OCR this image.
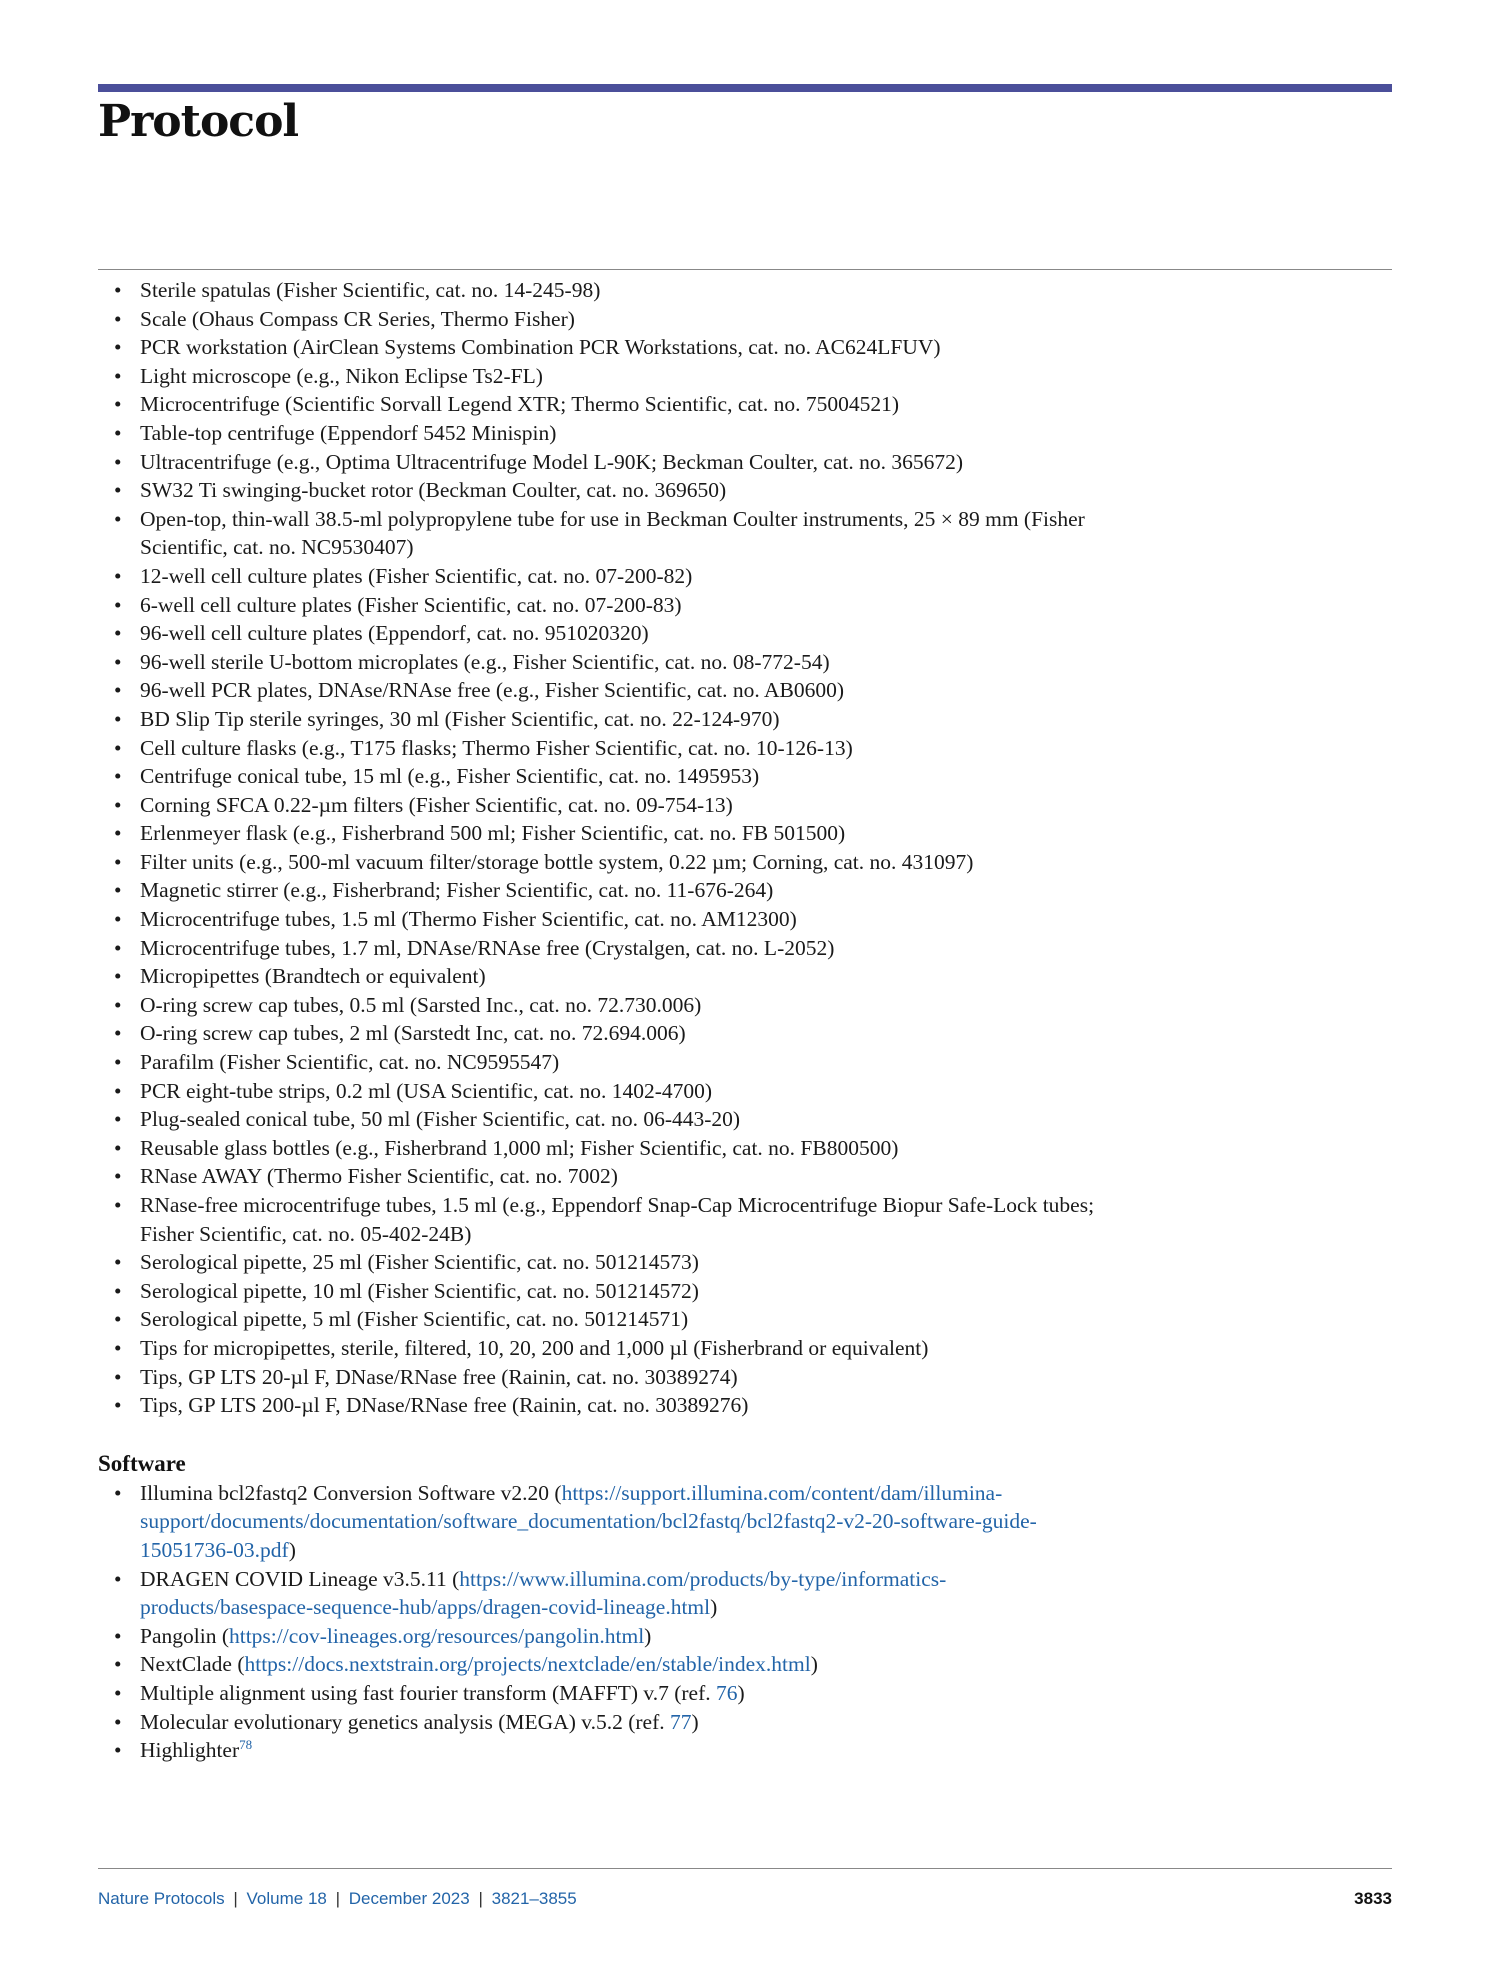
Protocol
• Sterile spatulas (Fisher Scientific, cat. no. 14-245-98)
• Scale (Ohaus Compass CR Series, Thermo Fisher)
• PCR workstation (AirClean Systems Combination PCR Workstations, cat. no. AC624LFUV)
• Light microscope (e.g., Nikon Eclipse Ts2-FL)
• Microcentrifuge (Scientific Sorvall Legend XTR; Thermo Scientific, cat. no. 75004521)
• Table-top centrifuge (Eppendorf 5452 Minispin)
• Ultracentrifuge (e.g., Optima Ultracentrifuge Model L-90K; Beckman Coulter, cat. no. 365672)
• SW32 Ti swinging-bucket rotor (Beckman Coulter, cat. no. 369650)
• Open-top, thin-wall 38.5-ml polypropylene tube for use in Beckman Coulter instruments, 25 × 89 mm (Fisher Scientific, cat. no. NC9530407)
• 12-well cell culture plates (Fisher Scientific, cat. no. 07-200-82)
• 6-well cell culture plates (Fisher Scientific, cat. no. 07-200-83)
• 96-well cell culture plates (Eppendorf, cat. no. 951020320)
• 96-well sterile U-bottom microplates (e.g., Fisher Scientific, cat. no. 08-772-54)
• 96-well PCR plates, DNAse/RNAse free (e.g., Fisher Scientific, cat. no. AB0600)
• BD Slip Tip sterile syringes, 30 ml (Fisher Scientific, cat. no. 22-124-970)
• Cell culture flasks (e.g., T175 flasks; Thermo Fisher Scientific, cat. no. 10-126-13)
• Centrifuge conical tube, 15 ml (e.g., Fisher Scientific, cat. no. 1495953)
• Corning SFCA 0.22-µm filters (Fisher Scientific, cat. no. 09-754-13)
• Erlenmeyer flask (e.g., Fisherbrand 500 ml; Fisher Scientific, cat. no. FB 501500)
• Filter units (e.g., 500-ml vacuum filter/storage bottle system, 0.22 µm; Corning, cat. no. 431097)
• Magnetic stirrer (e.g., Fisherbrand; Fisher Scientific, cat. no. 11-676-264)
• Microcentrifuge tubes, 1.5 ml (Thermo Fisher Scientific, cat. no. AM12300)
• Microcentrifuge tubes, 1.7 ml, DNAse/RNAse free (Crystalgen, cat. no. L-2052)
• Micropipettes (Brandtech or equivalent)
• O-ring screw cap tubes, 0.5 ml (Sarsted Inc., cat. no. 72.730.006)
• O-ring screw cap tubes, 2 ml (Sarstedt Inc, cat. no. 72.694.006)
• Parafilm (Fisher Scientific, cat. no. NC9595547)
• PCR eight-tube strips, 0.2 ml (USA Scientific, cat. no. 1402-4700)
• Plug-sealed conical tube, 50 ml (Fisher Scientific, cat. no. 06-443-20)
• Reusable glass bottles (e.g., Fisherbrand 1,000 ml; Fisher Scientific, cat. no. FB800500)
• RNase AWAY (Thermo Fisher Scientific, cat. no. 7002)
• RNase-free microcentrifuge tubes, 1.5 ml (e.g., Eppendorf Snap-Cap Microcentrifuge Biopur Safe-Lock tubes; Fisher Scientific, cat. no. 05-402-24B)
• Serological pipette, 25 ml (Fisher Scientific, cat. no. 501214573)
• Serological pipette, 10 ml (Fisher Scientific, cat. no. 501214572)
• Serological pipette, 5 ml (Fisher Scientific, cat. no. 501214571)
• Tips for micropipettes, sterile, filtered, 10, 20, 200 and 1,000 µl (Fisherbrand or equivalent)
• Tips, GP LTS 20-µl F, DNase/RNase free (Rainin, cat. no. 30389274)
• Tips, GP LTS 200-µl F, DNase/RNase free (Rainin, cat. no. 30389276)
Software
• Illumina bcl2fastq2 Conversion Software v2.20 (https://support.illumina.com/content/dam/illumina-support/documents/documentation/software_documentation/bcl2fastq/bcl2fastq2-v2-20-software-guide-15051736-03.pdf)
• DRAGEN COVID Lineage v3.5.11 (https://www.illumina.com/products/by-type/informatics-products/basespace-sequence-hub/apps/dragen-covid-lineage.html)
• Pangolin (https://cov-lineages.org/resources/pangolin.html)
• NextClade (https://docs.nextstrain.org/projects/nextclade/en/stable/index.html)
• Multiple alignment using fast fourier transform (MAFFT) v.7 (ref. 76)
• Molecular evolutionary genetics analysis (MEGA) v.5.2 (ref. 77)
• Highlighter$^{78}$
Nature Protocols | Volume 18 | December 2023 | 3821–3855	3833
